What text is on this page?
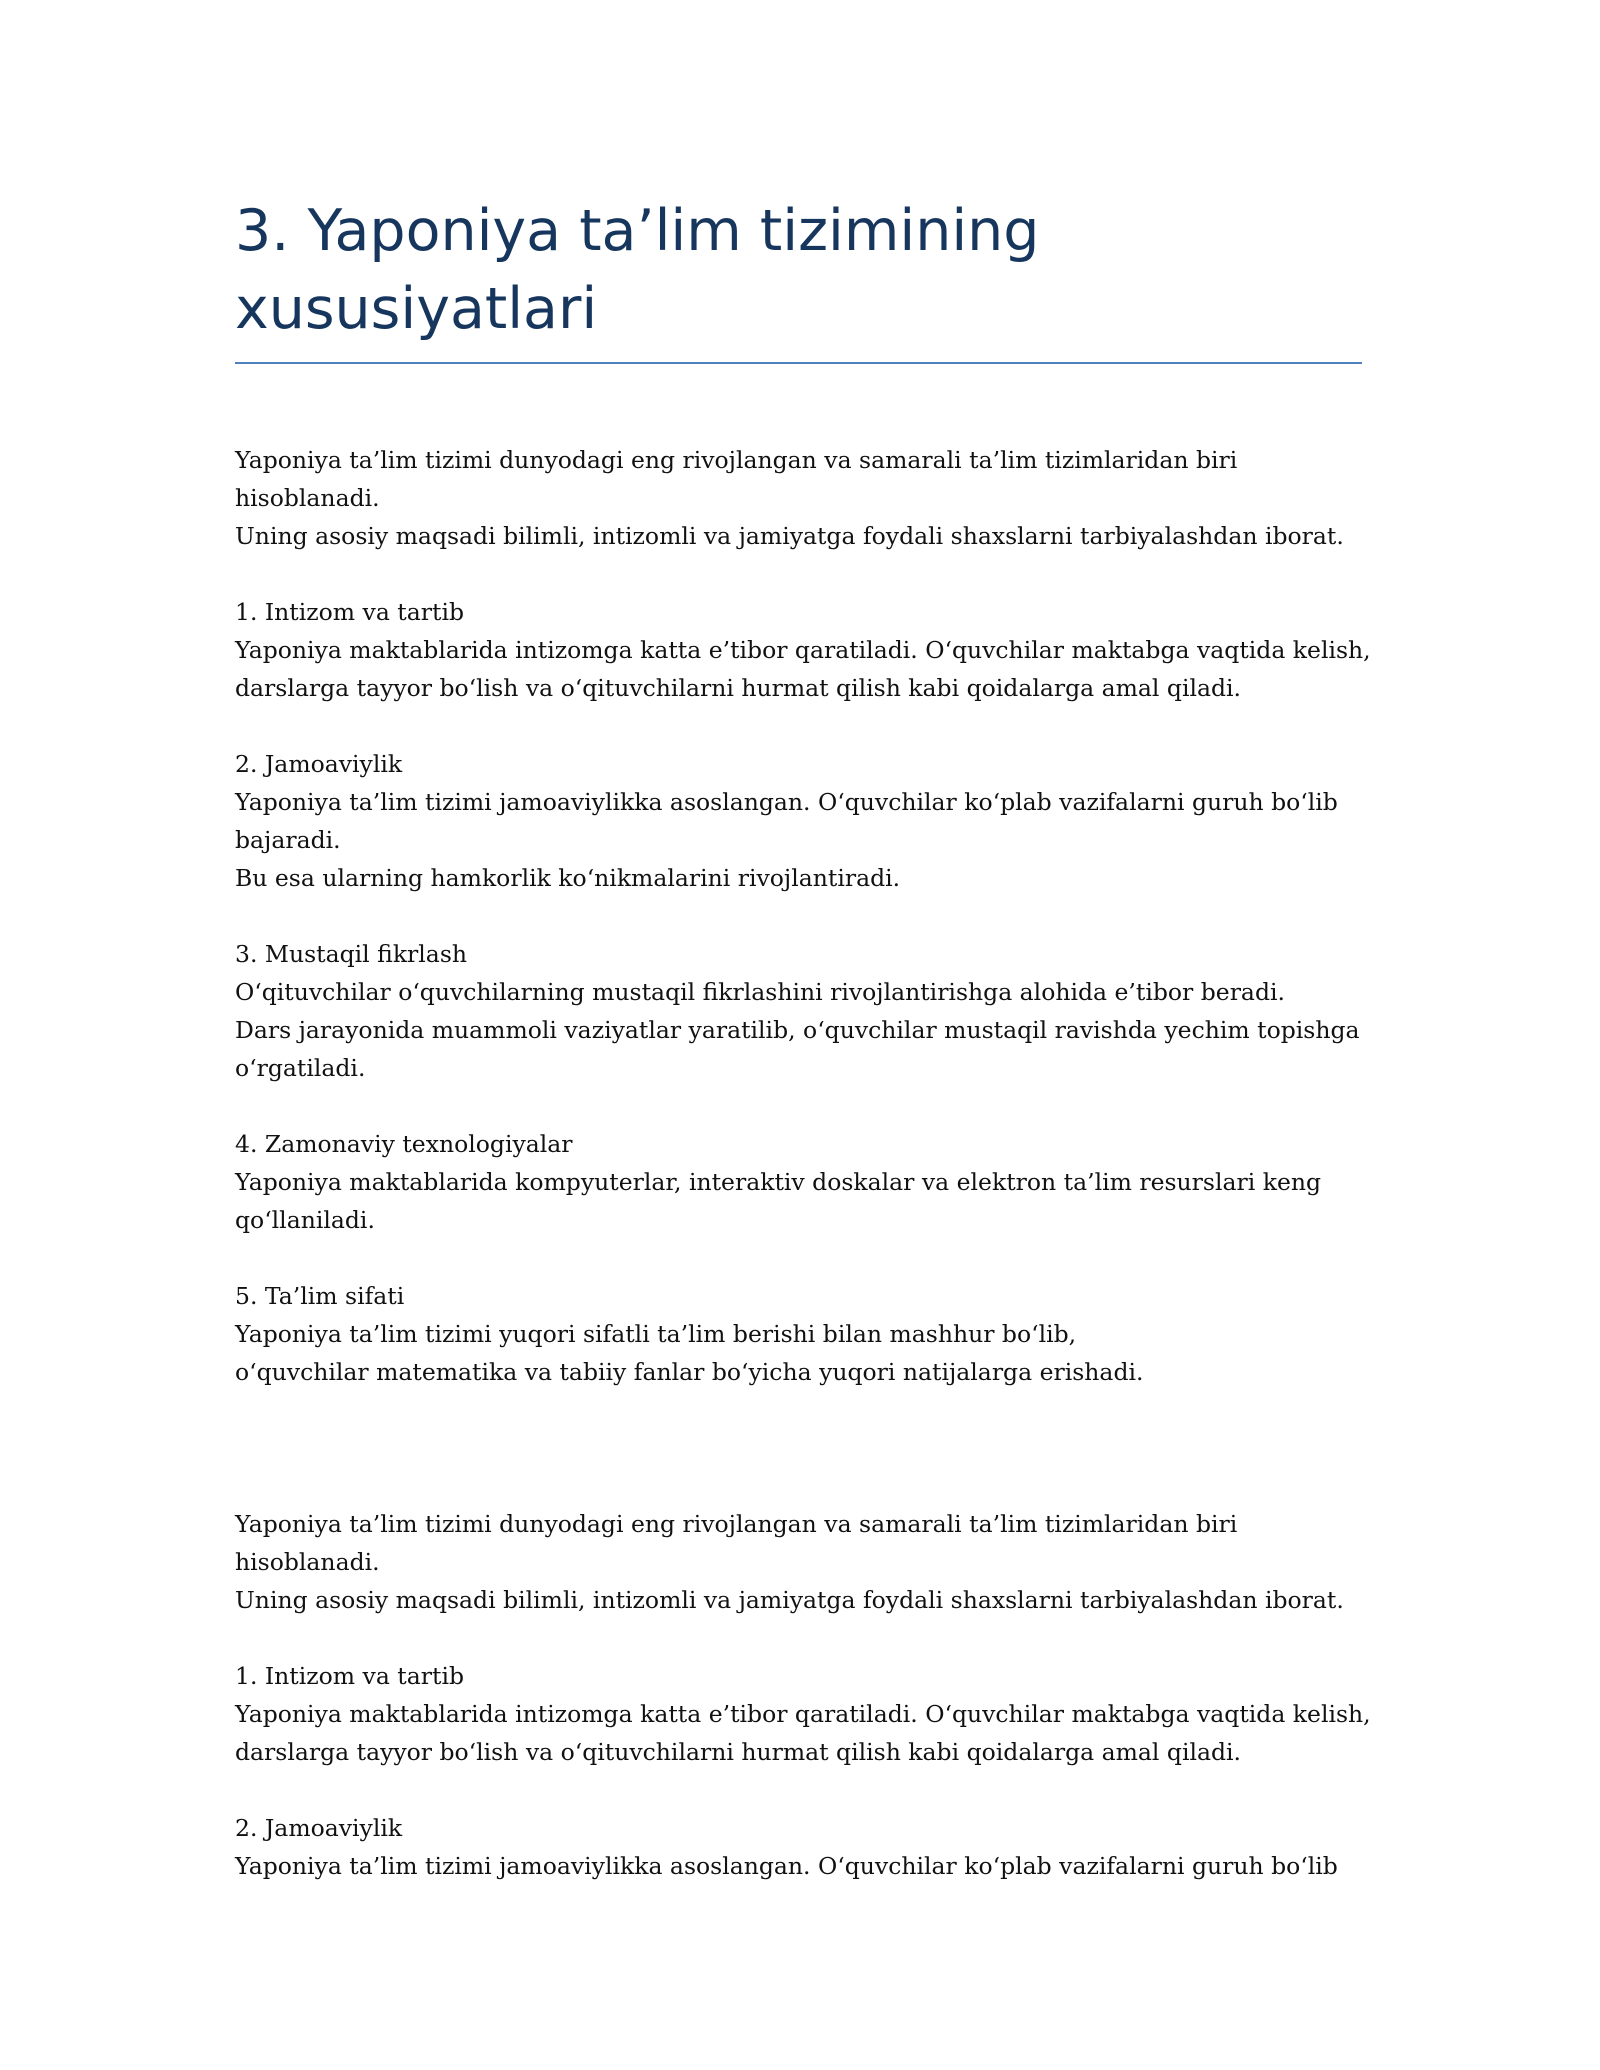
3. Yaponiya ta’lim tizimining
xususiyatlari
Yaponiya ta’lim tizimi dunyodagi eng rivojlangan va samarali ta’lim tizimlaridan biri
hisoblanadi.
Uning asosiy maqsadi bilimli, intizomli va jamiyatga foydali shaxslarni tarbiyalashdan iborat.
1. Intizom va tartib
Yaponiya maktablarida intizomga katta e’tibor qaratiladi. O‘quvchilar maktabga vaqtida kelish,
darslarga tayyor bo‘lish va o‘qituvchilarni hurmat qilish kabi qoidalarga amal qiladi.
2. Jamoaviylik
Yaponiya ta’lim tizimi jamoaviylikka asoslangan. O‘quvchilar ko‘plab vazifalarni guruh bo‘lib
bajaradi.
Bu esa ularning hamkorlik ko‘nikmalarini rivojlantiradi.
3. Mustaqil fikrlash
O‘qituvchilar o‘quvchilarning mustaqil fikrlashini rivojlantirishga alohida e’tibor beradi.
Dars jarayonida muammoli vaziyatlar yaratilib, o‘quvchilar mustaqil ravishda yechim topishga
o‘rgatiladi.
4. Zamonaviy texnologiyalar
Yaponiya maktablarida kompyuterlar, interaktiv doskalar va elektron ta’lim resurslari keng
qo‘llaniladi.
5. Ta’lim sifati
Yaponiya ta’lim tizimi yuqori sifatli ta’lim berishi bilan mashhur bo‘lib,
o‘quvchilar matematika va tabiiy fanlar bo‘yicha yuqori natijalarga erishadi.
Yaponiya ta’lim tizimi dunyodagi eng rivojlangan va samarali ta’lim tizimlaridan biri
hisoblanadi.
Uning asosiy maqsadi bilimli, intizomli va jamiyatga foydali shaxslarni tarbiyalashdan iborat.
1. Intizom va tartib
Yaponiya maktablarida intizomga katta e’tibor qaratiladi. O‘quvchilar maktabga vaqtida kelish,
darslarga tayyor bo‘lish va o‘qituvchilarni hurmat qilish kabi qoidalarga amal qiladi.
2. Jamoaviylik
Yaponiya ta’lim tizimi jamoaviylikka asoslangan. O‘quvchilar ko‘plab vazifalarni guruh bo‘lib
